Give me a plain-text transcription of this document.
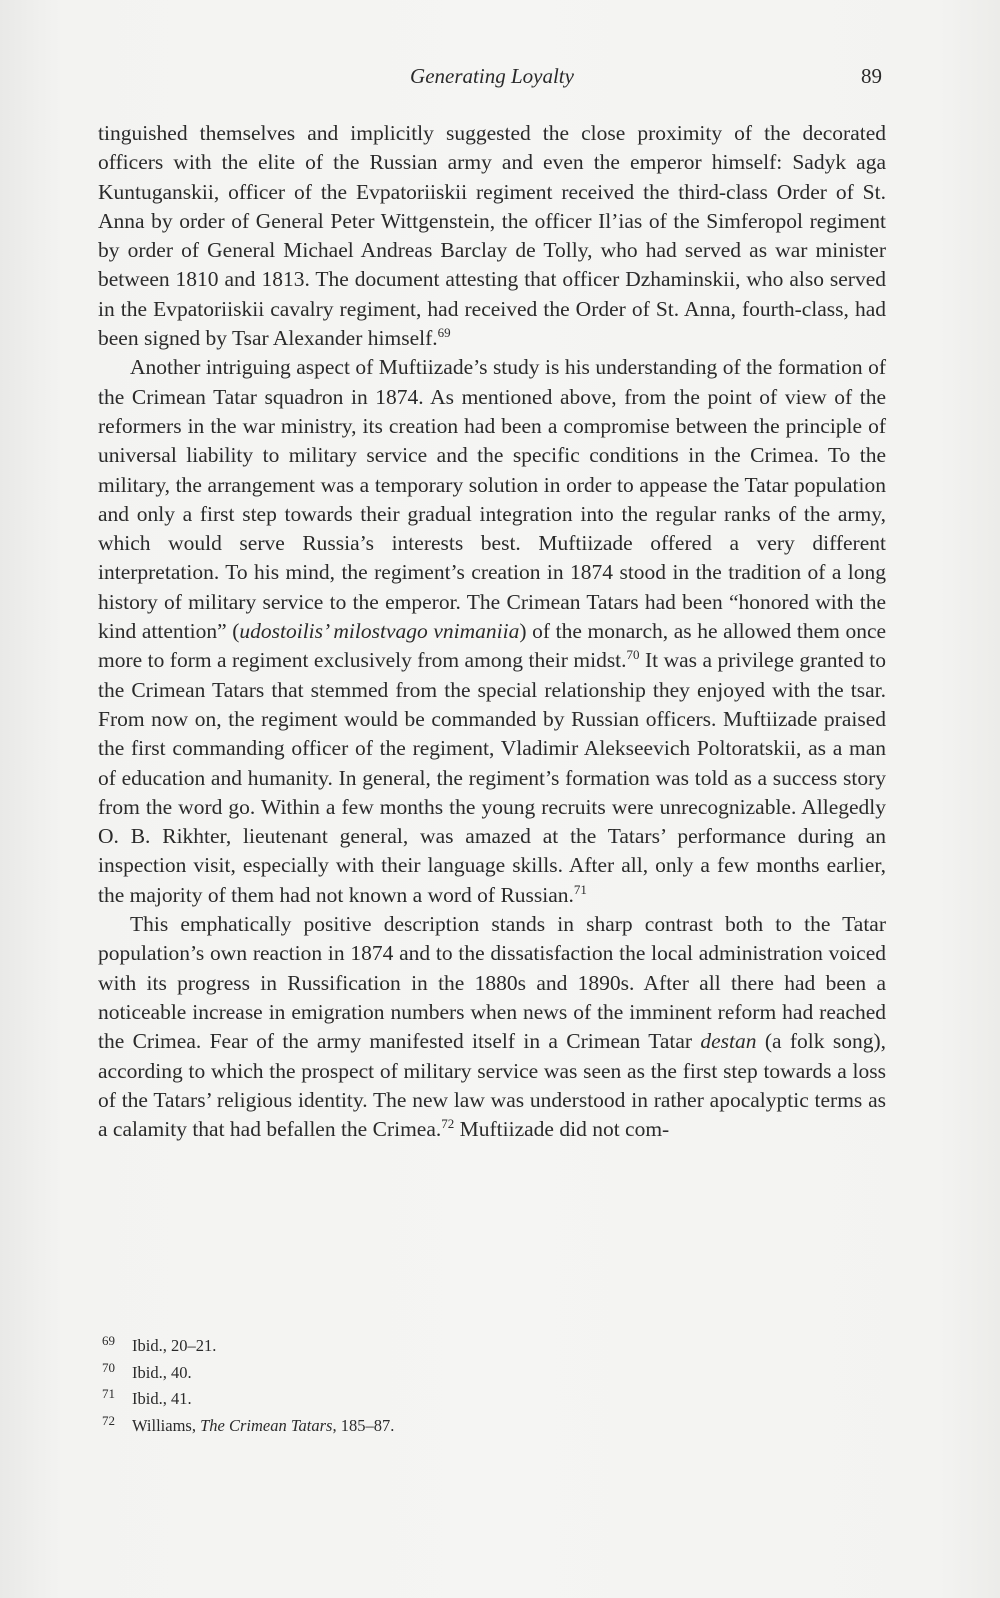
Generating Loyalty	89

tinguished themselves and implicitly suggested the close proximity of the decorated officers with the elite of the Russian army and even the emperor himself: Sadyk aga Kuntuganskii, officer of the Evpatoriiskii regiment received the third-class Order of St. Anna by order of General Peter Wittgenstein, the officer Il’ias of the Simferopol regiment by order of General Michael Andreas Barclay de Tolly, who had served as war minister between 1810 and 1813. The document attesting that officer Dzhaminskii, who also served in the Evpatoriiskii cavalry regiment, had received the Order of St. Anna, fourth-class, had been signed by Tsar Alexander himself.$^{69}$

Another intriguing aspect of Muftiizade’s study is his understanding of the formation of the Crimean Tatar squadron in 1874. As mentioned above, from the point of view of the reformers in the war ministry, its creation had been a compromise between the principle of universal liability to military service and the specific conditions in the Crimea. To the military, the arrangement was a temporary solution in order to appease the Tatar population and only a first step towards their gradual integration into the regular ranks of the army, which would serve Russia’s interests best. Muftiizade offered a very different interpretation. To his mind, the regiment’s creation in 1874 stood in the tradition of a long history of military service to the emperor. The Crimean Tatars had been “honored with the kind attention” (udostoilis’ milostvago vnimaniia) of the monarch, as he allowed them once more to form a regiment exclusively from among their midst.$^{70}$ It was a privilege granted to the Crimean Tatars that stemmed from the special relationship they enjoyed with the tsar. From now on, the regiment would be commanded by Russian officers. Muftiizade praised the first commanding officer of the regiment, Vladimir Alekseevich Poltoratskii, as a man of education and humanity. In general, the regiment’s formation was told as a success story from the word go. Within a few months the young recruits were unrecognizable. Allegedly O. B. Rikhter, lieutenant general, was amazed at the Tatars’ performance during an inspection visit, especially with their language skills. After all, only a few months earlier, the majority of them had not known a word of Russian.$^{71}$

This emphatically positive description stands in sharp contrast both to the Tatar population’s own reaction in 1874 and to the dissatisfaction the local administration voiced with its progress in Russification in the 1880s and 1890s. After all there had been a noticeable increase in emigration numbers when news of the imminent reform had reached the Crimea. Fear of the army manifested itself in a Crimean Tatar destan (a folk song), according to which the prospect of military service was seen as the first step towards a loss of the Tatars’ religious identity. The new law was understood in rather apocalyptic terms as a calamity that had befallen the Crimea.$^{72}$ Muftiizade did not com-

69	Ibid., 20–21.
70	Ibid., 40.
71	Ibid., 41.
72	Williams, The Crimean Tatars, 185–87.
